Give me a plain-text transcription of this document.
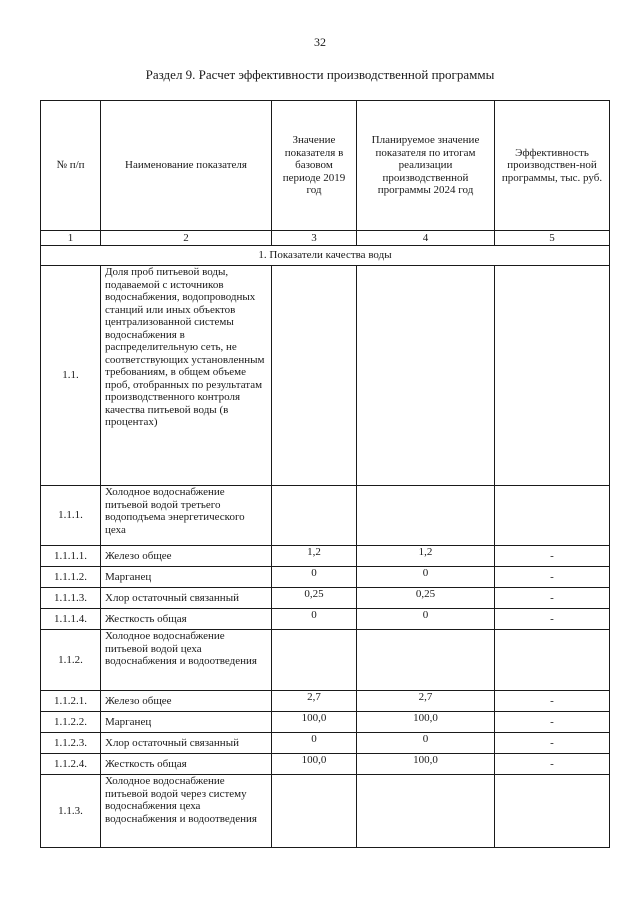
32
Раздел 9. Расчет эффективности производственной программы
№ п/п	Наименование показателя	Значение показателя в базовом периоде 2019 год	Планируемое значение показателя по итогам реализации производственной программы 2024 год	Эффективность производствен-ной программы, тыс. руб.
1	2	3	4	5
1. Показатели качества воды				
1.1.	Доля проб питьевой воды, подаваемой с источников водоснабжения, водопроводных станций или иных объектов централизованной системы водоснабжения в распределительную сеть, не соответствующих установленным требованиям, в общем объеме проб, отобранных по результатам производственного контроля качества питьевой воды (в процентах)			
1.1.1.	Холодное водоснабжение питьевой водой третьего водоподъема энергетического цеха			
1.1.1.1.	Железо общее	1,2	1,2	-
1.1.1.2.	Марганец	0	0	-
1.1.1.3.	Хлор остаточный связанный	0,25	0,25	-
1.1.1.4.	Жесткость общая	0	0	-
1.1.2.	Холодное водоснабжение питьевой водой цеха водоснабжения и водоотведения			
1.1.2.1.	Железо общее	2,7	2,7	-
1.1.2.2.	Марганец	100,0	100,0	-
1.1.2.3.	Хлор остаточный связанный	0	0	-
1.1.2.4.	Жесткость общая	100,0	100,0	-
1.1.3.	Холодное водоснабжение питьевой водой через систему водоснабжения цеха водоснабжения и водоотведения			
